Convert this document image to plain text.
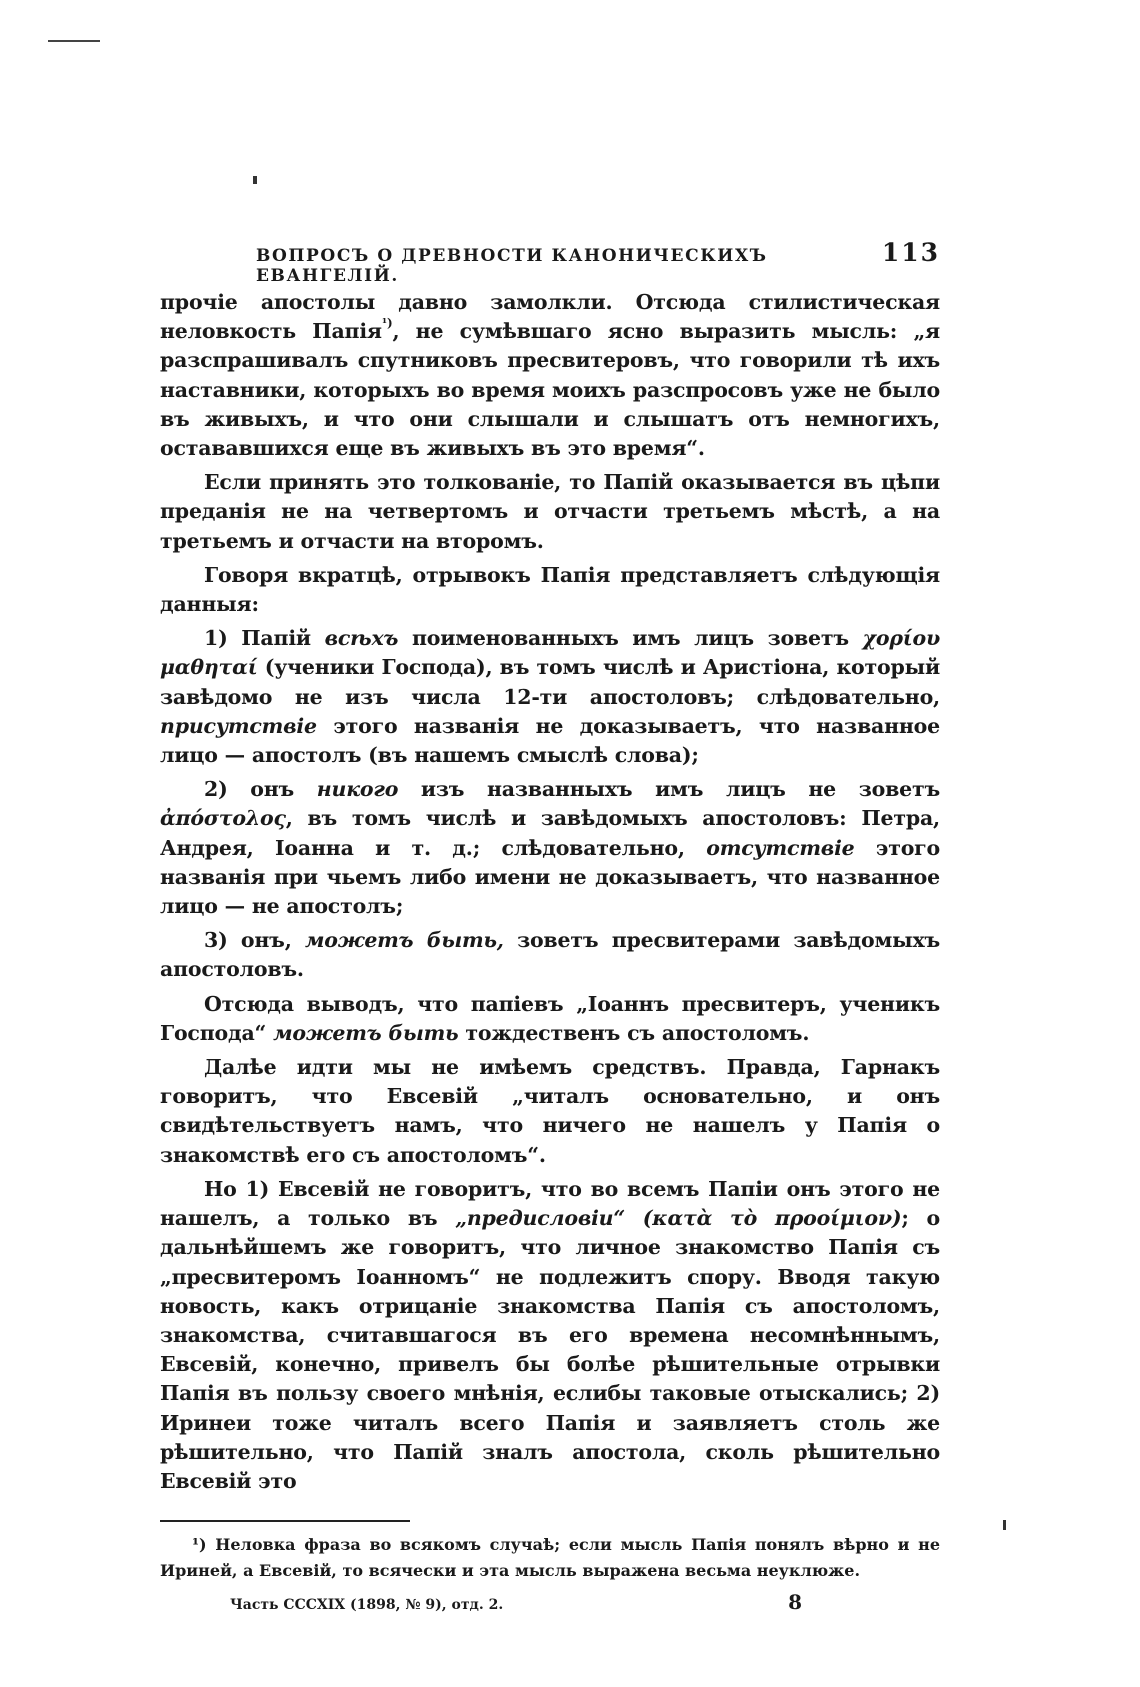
ВОПРОСЪ О ДРЕВНОСТИ КАНОНИЧЕСКИХЪ ЕВАНГЕЛІЙ.
113

прочіе апостолы давно замолкли. Отсюда стилистическая неловкость Папія$^{^1)}$, не сумѣвшаго ясно выразить мысль: „я разспрашивалъ спутниковъ пресвитеровъ, что говорили тѣ ихъ наставники, которыхъ во время моихъ разспросовъ уже не было въ живыхъ, и что они слышали и слышатъ отъ немногихъ, остававшихся еще въ живыхъ въ это время“.

Если принять это толкованіе, то Папій оказывается въ цѣпи преданія не на четвертомъ и отчасти третьемъ мѣстѣ, а на третьемъ и отчасти на второмъ.

Говоря вкратцѣ, отрывокъ Папія представляетъ слѣдующія данныя:

1) Папій всѣхъ поименованныхъ имъ лицъ зоветъ χορίου μαθηταί (ученики Господа), въ томъ числѣ и Аристіона, который завѣдомо не изъ числа 12-ти апостоловъ; слѣдовательно, присутствіе этого названія не доказываетъ, что названное лицо — апостолъ (въ нашемъ смыслѣ слова);

2) онъ никого изъ названныхъ имъ лицъ не зоветъ ἀπόστολος, въ томъ числѣ и завѣдомыхъ апостоловъ: Петра, Андрея, Іоанна и т. д.; слѣдовательно, отсутствіе этого названія при чьемъ либо имени не доказываетъ, что названное лицо — не апостолъ;

3) онъ, можетъ быть, зоветъ пресвитерами завѣдомыхъ апостоловъ.

Отсюда выводъ, что папіевъ „Іоаннъ пресвитеръ, ученикъ Господа“ можетъ быть тождественъ съ апостоломъ.

Далѣе идти мы не имѣемъ средствъ. Правда, Гарнакъ говоритъ, что Евсевій „читалъ основательно, и онъ свидѣтельствуетъ намъ, что ничего не нашелъ у Папія о знакомствѣ его съ апостоломъ“.

Но 1) Евсевій не говоритъ, что во всемъ Папіи онъ этого не нашелъ, а только въ „предисловіи“ (κατὰ τὸ προοίμιον); о дальнѣйшемъ же говоритъ, что личное знакомство Папія съ „пресвитеромъ Іоанномъ“ не подлежитъ спору. Вводя такую новость, какъ отрицаніе знакомства Папія съ апостоломъ, знакомства, считавшагося въ его времена несомнѣннымъ, Евсевій, конечно, привелъ бы болѣе рѣшительные отрывки Папія въ пользу своего мнѣнія, еслибы таковые отыскались; 2) Иринеи тоже читалъ всего Папія и заявляетъ столь же рѣшительно, что Папій зналъ апостола, сколь рѣшительно Евсевій это

¹) Неловка фраза во всякомъ случаѣ; если мысль Папія понялъ вѣрно и не Ириней, а Евсевій, то всячески и эта мысль выражена весьма неуклюже.
Часть CCCXIX (1898, № 9), отд. 2.	8
